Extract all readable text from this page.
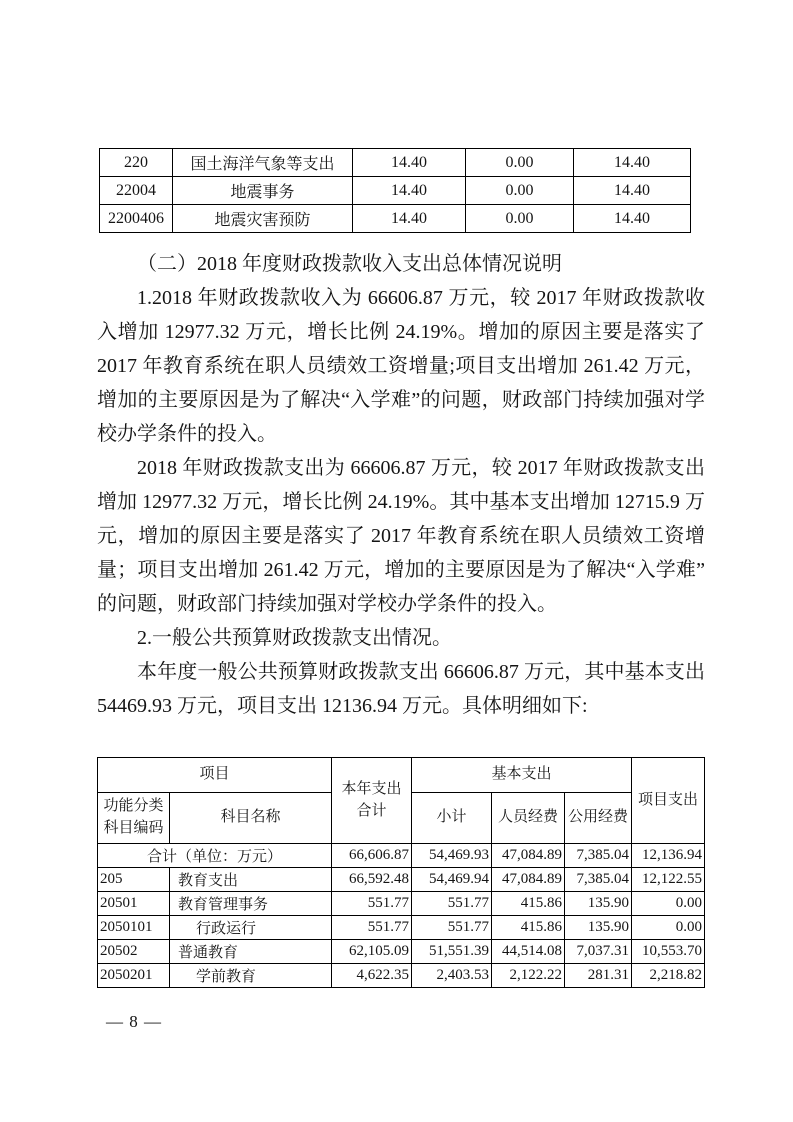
220	国土海洋气象等支出	14.40	0.00	14.40
22004	地震事务	14.40	0.00	14.40
2200406	地震灾害预防	14.40	0.00	14.40

（二）2018 年度财政拨款收入支出总体情况说明

1.2018 年财政拨款收入为 66606.87 万元，较 2017 年财政拨款收入增加 12977.32 万元，增长比例 24.19%。增加的原因主要是落实了 2017 年教育系统在职人员绩效工资增量;项目支出增加 261.42 万元，增加的主要原因是为了解决“入学难”的问题，财政部门持续加强对学校办学条件的投入。

2018 年财政拨款支出为 66606.87 万元，较 2017 年财政拨款支出增加 12977.32 万元，增长比例 24.19%。其中基本支出增加 12715.9 万元，增加的原因主要是落实了 2017 年教育系统在职人员绩效工资增量；项目支出增加 261.42 万元，增加的主要原因是为了解决“入学难”的问题，财政部门持续加强对学校办学条件的投入。

2.一般公共预算财政拨款支出情况。

本年度一般公共预算财政拨款支出 66606.87 万元，其中基本支出 54469.93 万元，项目支出 12136.94 万元。具体明细如下:

项目		本年支出合计	基本支出			项目支出
功能分类科目编码	科目名称		小计	人员经费	公用经费	
合计（单位：万元）		66,606.87	54,469.93	47,084.89	7,385.04	12,136.94
205	教育支出	66,592.48	54,469.94	47,084.89	7,385.04	12,122.55
20501	教育管理事务	551.77	551.77	415.86	135.90	0.00
2050101	行政运行	551.77	551.77	415.86	135.90	0.00
20502	普通教育	62,105.09	51,551.39	44,514.08	7,037.31	10,553.70
2050201	学前教育	4,622.35	2,403.53	2,122.22	281.31	2,218.82
— 8 —
